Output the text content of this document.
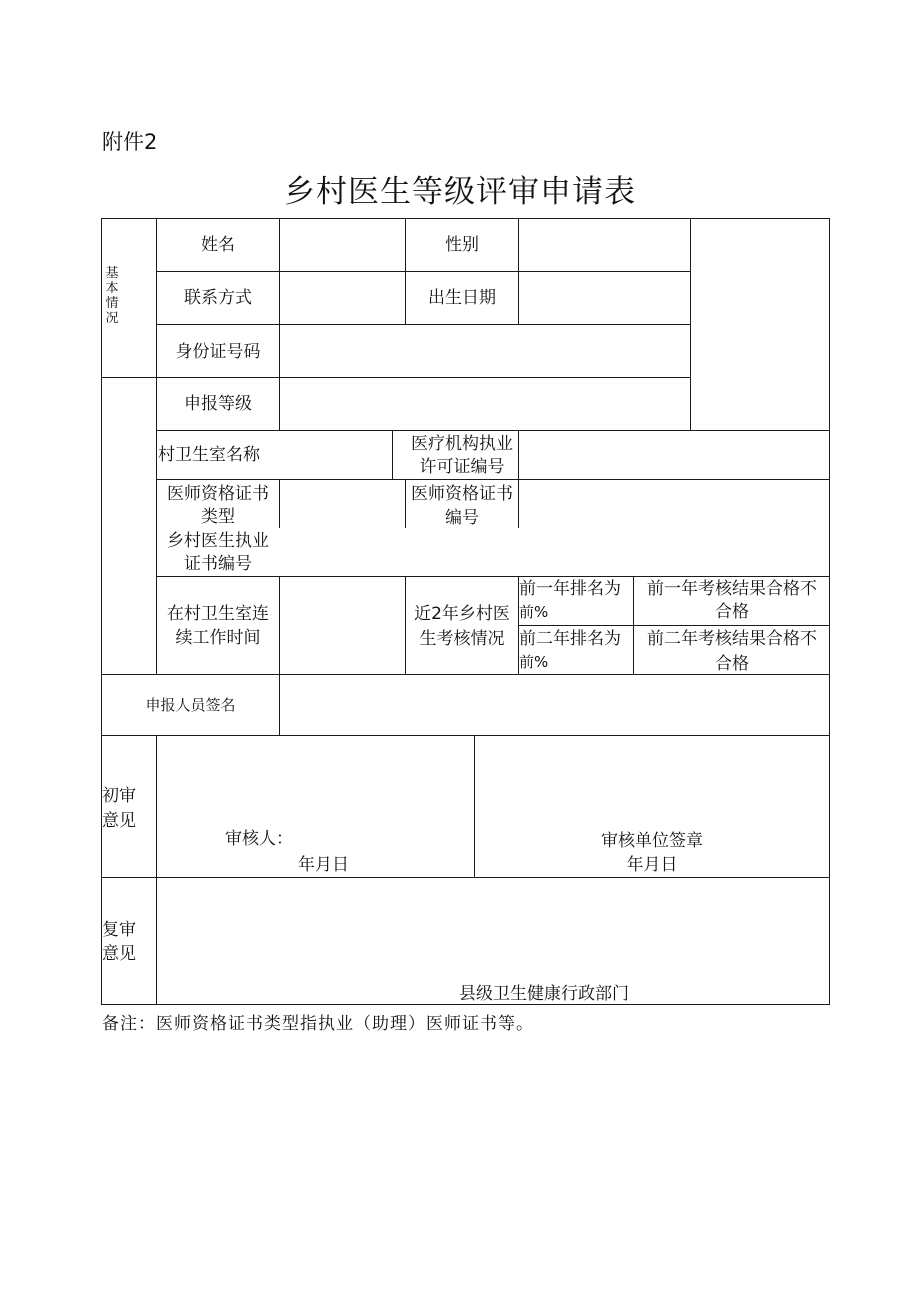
附件2
乡村医生等级评审申请表
基本情况
姓名	性别
联系方式	出生日期
身份证号码
申报等级
村卫生室名称
医疗机构执业
许可证编号
医师资格证书
类型
医师资格证书
编号
乡村医生执业
证书编号
在村卫生室连
续工作时间
近2年乡村医
生考核情况
前一年排名为
前%
前一年考核结果合格不
合格
前二年排名为
前%
前二年考核结果合格不
合格
申报人员签名
初审
意见
审核人：
年月日
审核单位签章
年月日
复审
意见
县级卫生健康行政部门
备注：医师资格证书类型指执业（助理）医师证书等。
